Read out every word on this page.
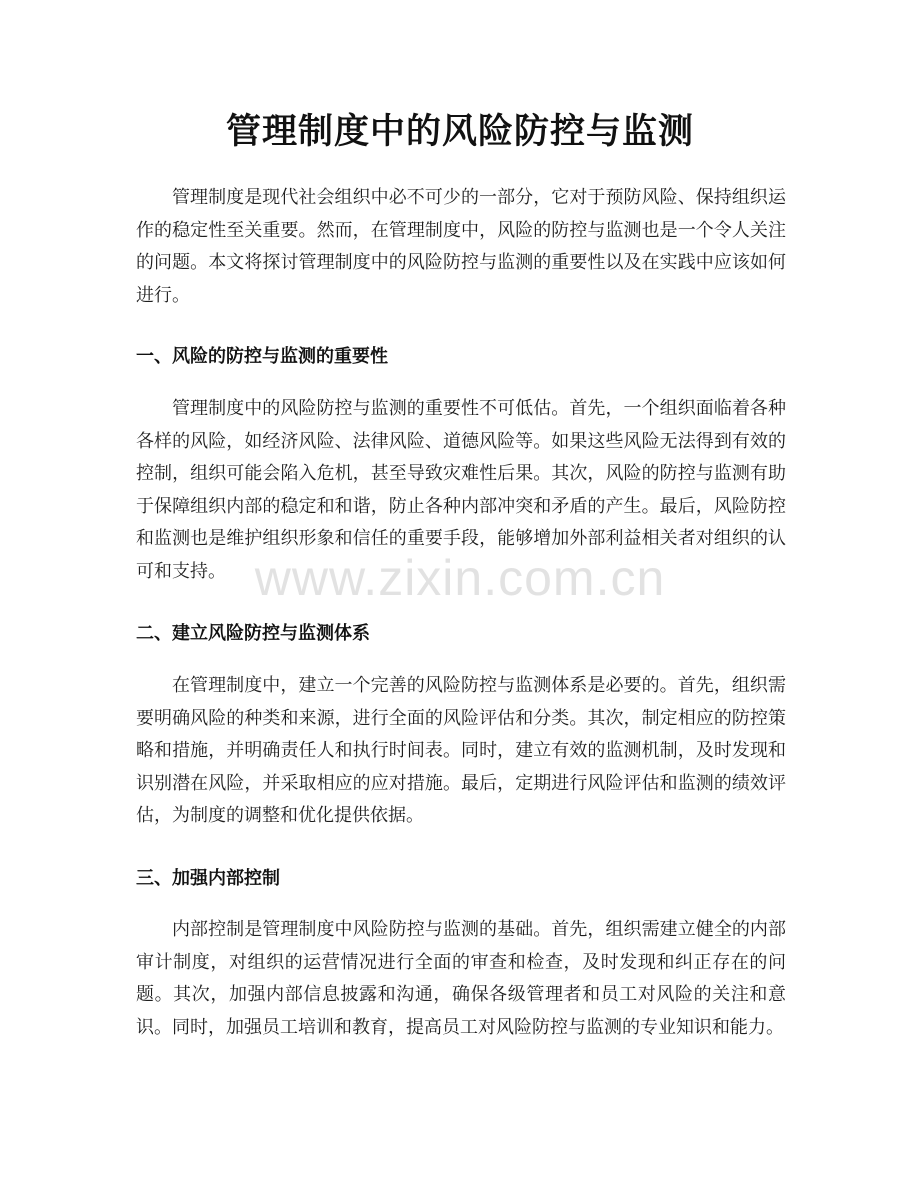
管理制度中的风险防控与监测
管理制度是现代社会组织中必不可少的一部分，它对于预防风险、保持组织运作的稳定性至关重要。然而，在管理制度中，风险的防控与监测也是一个令人关注的问题。本文将探讨管理制度中的风险防控与监测的重要性以及在实践中应该如何进行。
一、风险的防控与监测的重要性
管理制度中的风险防控与监测的重要性不可低估。首先，一个组织面临着各种各样的风险，如经济风险、法律风险、道德风险等。如果这些风险无法得到有效的控制，组织可能会陷入危机，甚至导致灾难性后果。其次，风险的防控与监测有助于保障组织内部的稳定和和谐，防止各种内部冲突和矛盾的产生。最后，风险防控和监测也是维护组织形象和信任的重要手段，能够增加外部利益相关者对组织的认可和支持。
二、建立风险防控与监测体系
在管理制度中，建立一个完善的风险防控与监测体系是必要的。首先，组织需要明确风险的种类和来源，进行全面的风险评估和分类。其次，制定相应的防控策略和措施，并明确责任人和执行时间表。同时，建立有效的监测机制，及时发现和识别潜在风险，并采取相应的应对措施。最后，定期进行风险评估和监测的绩效评估，为制度的调整和优化提供依据。
三、加强内部控制
内部控制是管理制度中风险防控与监测的基础。首先，组织需建立健全的内部审计制度，对组织的运营情况进行全面的审查和检查，及时发现和纠正存在的问题。其次，加强内部信息披露和沟通，确保各级管理者和员工对风险的关注和意识。同时，加强员工培训和教育，提高员工对风险防控与监测的专业知识和能力。
www.zixin.com.cn
